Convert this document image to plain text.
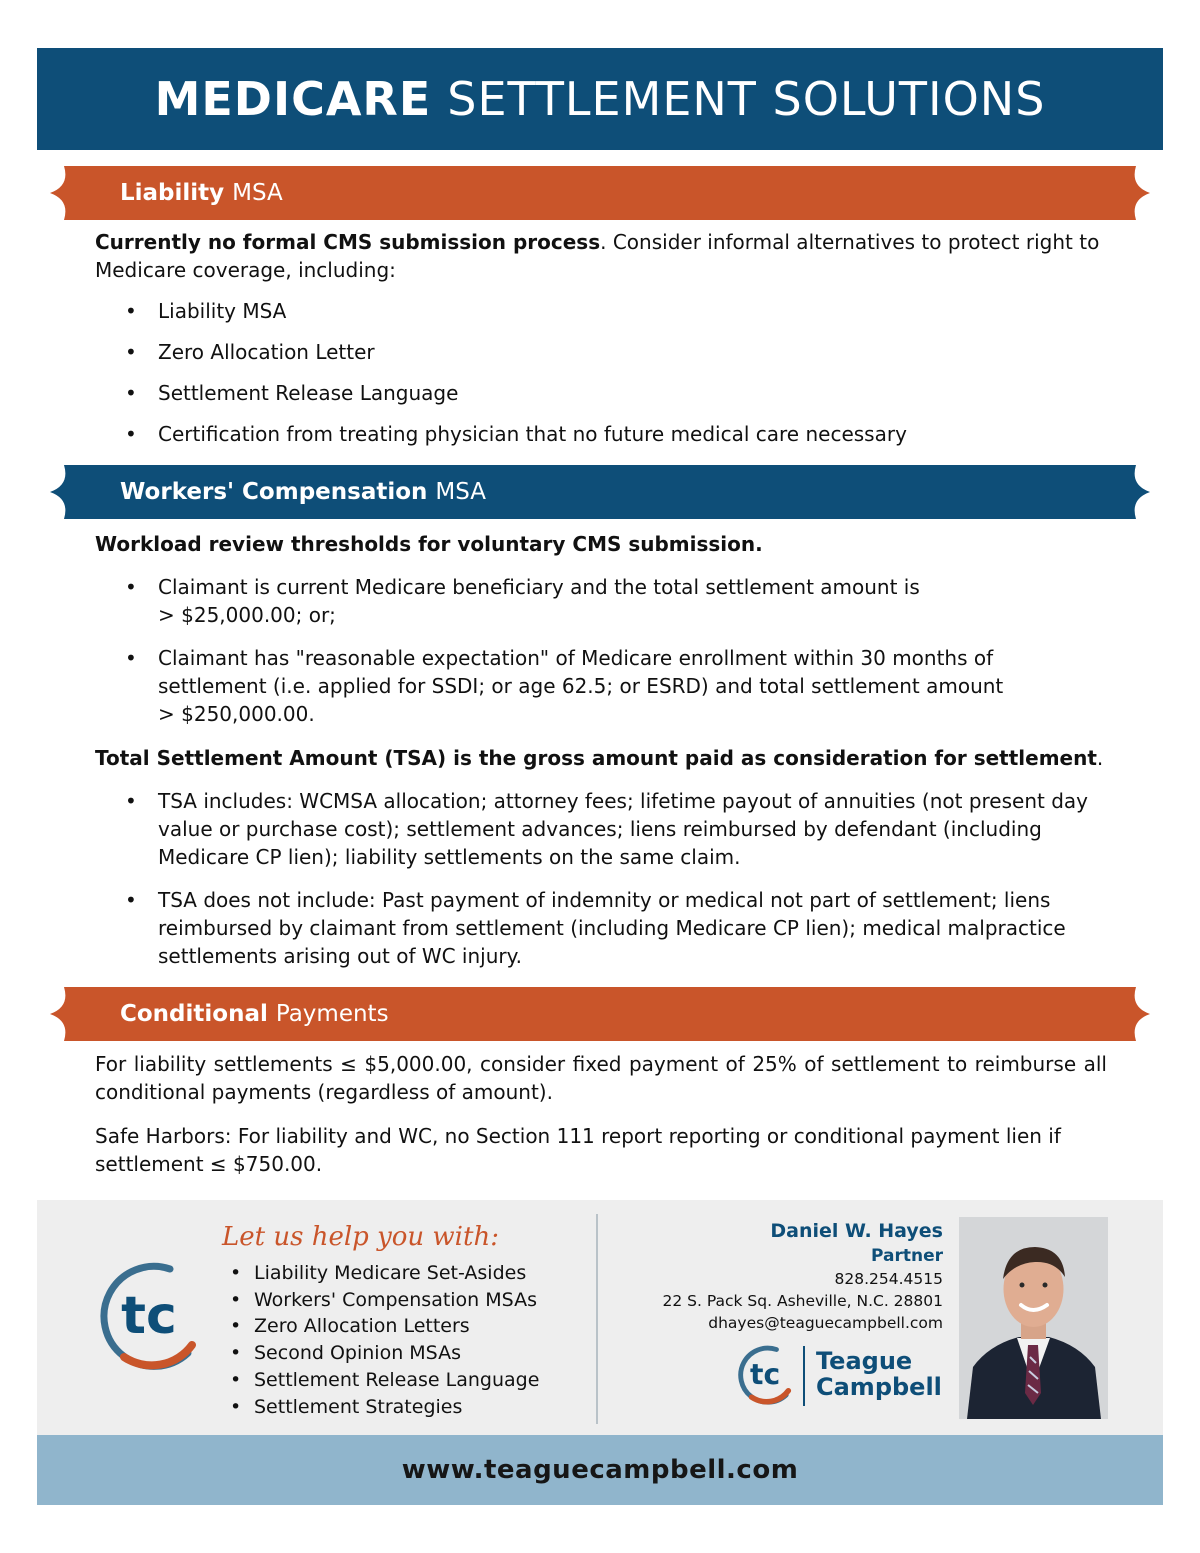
MEDICARE SETTLEMENT SOLUTIONS
Liability MSA
Currently no formal CMS submission process. Consider informal alternatives to protect right to Medicare coverage, including:
• Liability MSA
• Zero Allocation Letter
• Settlement Release Language
• Certification from treating physician that no future medical care necessary
Workers' Compensation MSA
Workload review thresholds for voluntary CMS submission.
• Claimant is current Medicare beneficiary and the total settlement amount is
> $25,000.00; or;
• Claimant has "reasonable expectation" of Medicare enrollment within 30 months of settlement (i.e. applied for SSDI; or age 62.5; or ESRD) and total settlement amount
> $250,000.00.
Total Settlement Amount (TSA) is the gross amount paid as consideration for settlement.
• TSA includes: WCMSA allocation; attorney fees; lifetime payout of annuities (not present day value or purchase cost); settlement advances; liens reimbursed by defendant (including Medicare CP lien); liability settlements on the same claim.
• TSA does not include: Past payment of indemnity or medical not part of settlement; liens reimbursed by claimant from settlement (including Medicare CP lien); medical malpractice settlements arising out of WC injury.
Conditional Payments
For liability settlements ≤ $5,000.00, consider fixed payment of 25% of settlement to reimburse all conditional payments (regardless of amount).
Safe Harbors: For liability and WC, no Section 111 report reporting or conditional payment lien if settlement ≤ $750.00.
tc
Let us help you with:
• Liability Medicare Set-Asides
• Workers' Compensation MSAs
• Zero Allocation Letters
• Second Opinion MSAs
• Settlement Release Language
• Settlement Strategies
Daniel W. Hayes
Partner
828.254.4515
22 S. Pack Sq. Asheville, N.C. 28801
dhayes@teaguecampbell.com
tc Teague
Campbell
www.teaguecampbell.com
